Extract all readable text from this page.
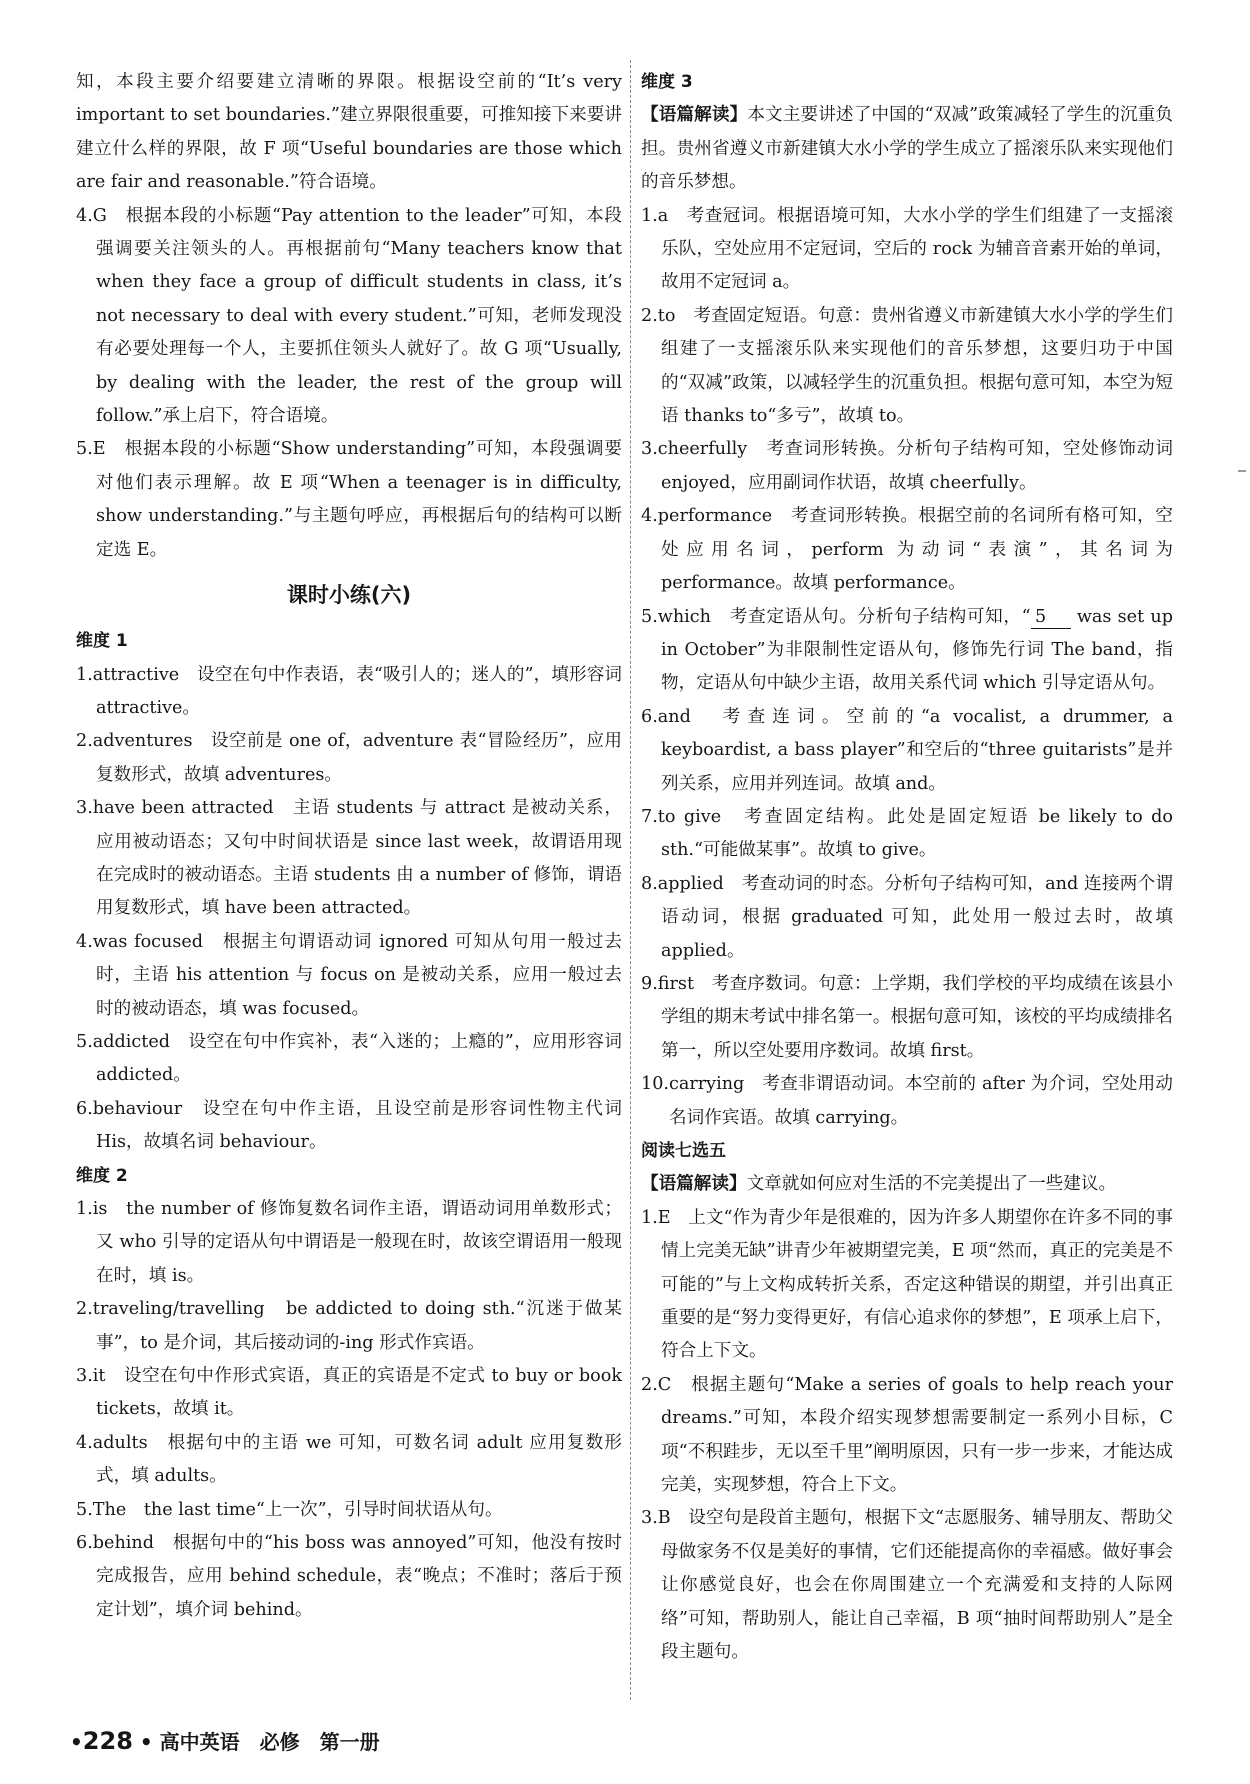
知，本段主要介绍要建立清晰的界限。根据设空前的“It’s very important to set boundaries.”建立界限很重要，可推知接下来要讲建立什么样的界限，故 F 项“Useful boundaries are those which are fair and reasonable.”符合语境。

4.G　根据本段的小标题“Pay attention to the leader”可知，本段强调要关注领头的人。再根据前句“Many teachers know that when they face a group of difficult students in class, it’s not necessary to deal with every student.”可知，老师发现没有必要处理每一个人，主要抓住领头人就好了。故 G 项“Usually, by dealing with the leader, the rest of the group will follow.”承上启下，符合语境。

5.E　根据本段的小标题“Show understanding”可知，本段强调要对他们表示理解。故 E 项“When a teenager is in difficulty, show understanding.”与主题句呼应，再根据后句的结构可以断定选 E。

课时小练(六)

维度 1

1.attractive　设空在句中作表语，表“吸引人的；迷人的”，填形容词 attractive。

2.adventures　设空前是 one of，adventure 表“冒险经历”，应用复数形式，故填 adventures。

3.have been attracted　主语 students 与 attract 是被动关系，应用被动语态；又句中时间状语是 since last week，故谓语用现在完成时的被动语态。主语 students 由 a number of 修饰，谓语用复数形式，填 have been attracted。

4.was focused　根据主句谓语动词 ignored 可知从句用一般过去时，主语 his attention 与 focus on 是被动关系，应用一般过去时的被动语态，填 was focused。

5.addicted　设空在句中作宾补，表“入迷的；上瘾的”，应用形容词 addicted。

6.behaviour　设空在句中作主语，且设空前是形容词性物主代词 His，故填名词 behaviour。

维度 2

1.is　the number of 修饰复数名词作主语，谓语动词用单数形式；又 who 引导的定语从句中谓语是一般现在时，故该空谓语用一般现在时，填 is。

2.traveling/travelling　be addicted to doing sth.“沉迷于做某事”，to 是介词，其后接动词的-ing 形式作宾语。

3.it　设空在句中作形式宾语，真正的宾语是不定式 to buy or book tickets，故填 it。

4.adults　根据句中的主语 we 可知，可数名词 adult 应用复数形式，填 adults。

5.The　the last time“上一次”，引导时间状语从句。

6.behind　根据句中的“his boss was annoyed”可知，他没有按时完成报告，应用 behind schedule，表“晚点；不准时；落后于预定计划”，填介词 behind。

维度 3

【语篇解读】本文主要讲述了中国的“双减”政策减轻了学生的沉重负担。贵州省遵义市新建镇大水小学的学生成立了摇滚乐队来实现他们的音乐梦想。

1.a　考查冠词。根据语境可知，大水小学的学生们组建了一支摇滚乐队，空处应用不定冠词，空后的 rock 为辅音音素开始的单词，故用不定冠词 a。

2.to　考查固定短语。句意：贵州省遵义市新建镇大水小学的学生们组建了一支摇滚乐队来实现他们的音乐梦想，这要归功于中国的“双减”政策，以减轻学生的沉重负担。根据句意可知，本空为短语 thanks to“多亏”，故填 to。

3.cheerfully　考查词形转换。分析句子结构可知，空处修饰动词 enjoyed，应用副词作状语，故填 cheerfully。

4.performance　考查词形转换。根据空前的名词所有格可知，空处应用名词，perform 为动词“表演”，其名词为 performance。故填 performance。

5.which　考查定语从句。分析句子结构可知，“ 5 was set up in October”为非限制性定语从句，修饰先行词 The band，指物，定语从句中缺少主语，故用关系代词 which 引导定语从句。

6.and　考查连词。空前的“a vocalist, a drummer, a keyboardist, a bass player”和空后的“three guitarists”是并列关系，应用并列连词。故填 and。

7.to give　考查固定结构。此处是固定短语 be likely to do sth.“可能做某事”。故填 to give。

8.applied　考查动词的时态。分析句子结构可知，and 连接两个谓语动词，根据 graduated 可知，此处用一般过去时，故填 applied。

9.first　考查序数词。句意：上学期，我们学校的平均成绩在该县小学组的期末考试中排名第一。根据句意可知，该校的平均成绩排名第一，所以空处要用序数词。故填 first。

10.carrying　考查非谓语动词。本空前的 after 为介词，空处用动名词作宾语。故填 carrying。

阅读七选五

【语篇解读】文章就如何应对生活的不完美提出了一些建议。

1.E　上文“作为青少年是很难的，因为许多人期望你在许多不同的事情上完美无缺”讲青少年被期望完美，E 项“然而，真正的完美是不可能的”与上文构成转折关系，否定这种错误的期望，并引出真正重要的是“努力变得更好，有信心追求你的梦想”，E 项承上启下，符合上下文。

2.C　根据主题句“Make a series of goals to help reach your dreams.”可知，本段介绍实现梦想需要制定一系列小目标，C 项“不积跬步，无以至千里”阐明原因，只有一步一步来，才能达成完美，实现梦想，符合上下文。

3.B　设空句是段首主题句，根据下文“志愿服务、辅导朋友、帮助父母做家务不仅是美好的事情，它们还能提高你的幸福感。做好事会让你感觉良好，也会在你周围建立一个充满爱和支持的人际网络”可知，帮助别人，能让自己幸福，B 项“抽时间帮助别人”是全段主题句。

•228 • 高中英语　必修　第一册
